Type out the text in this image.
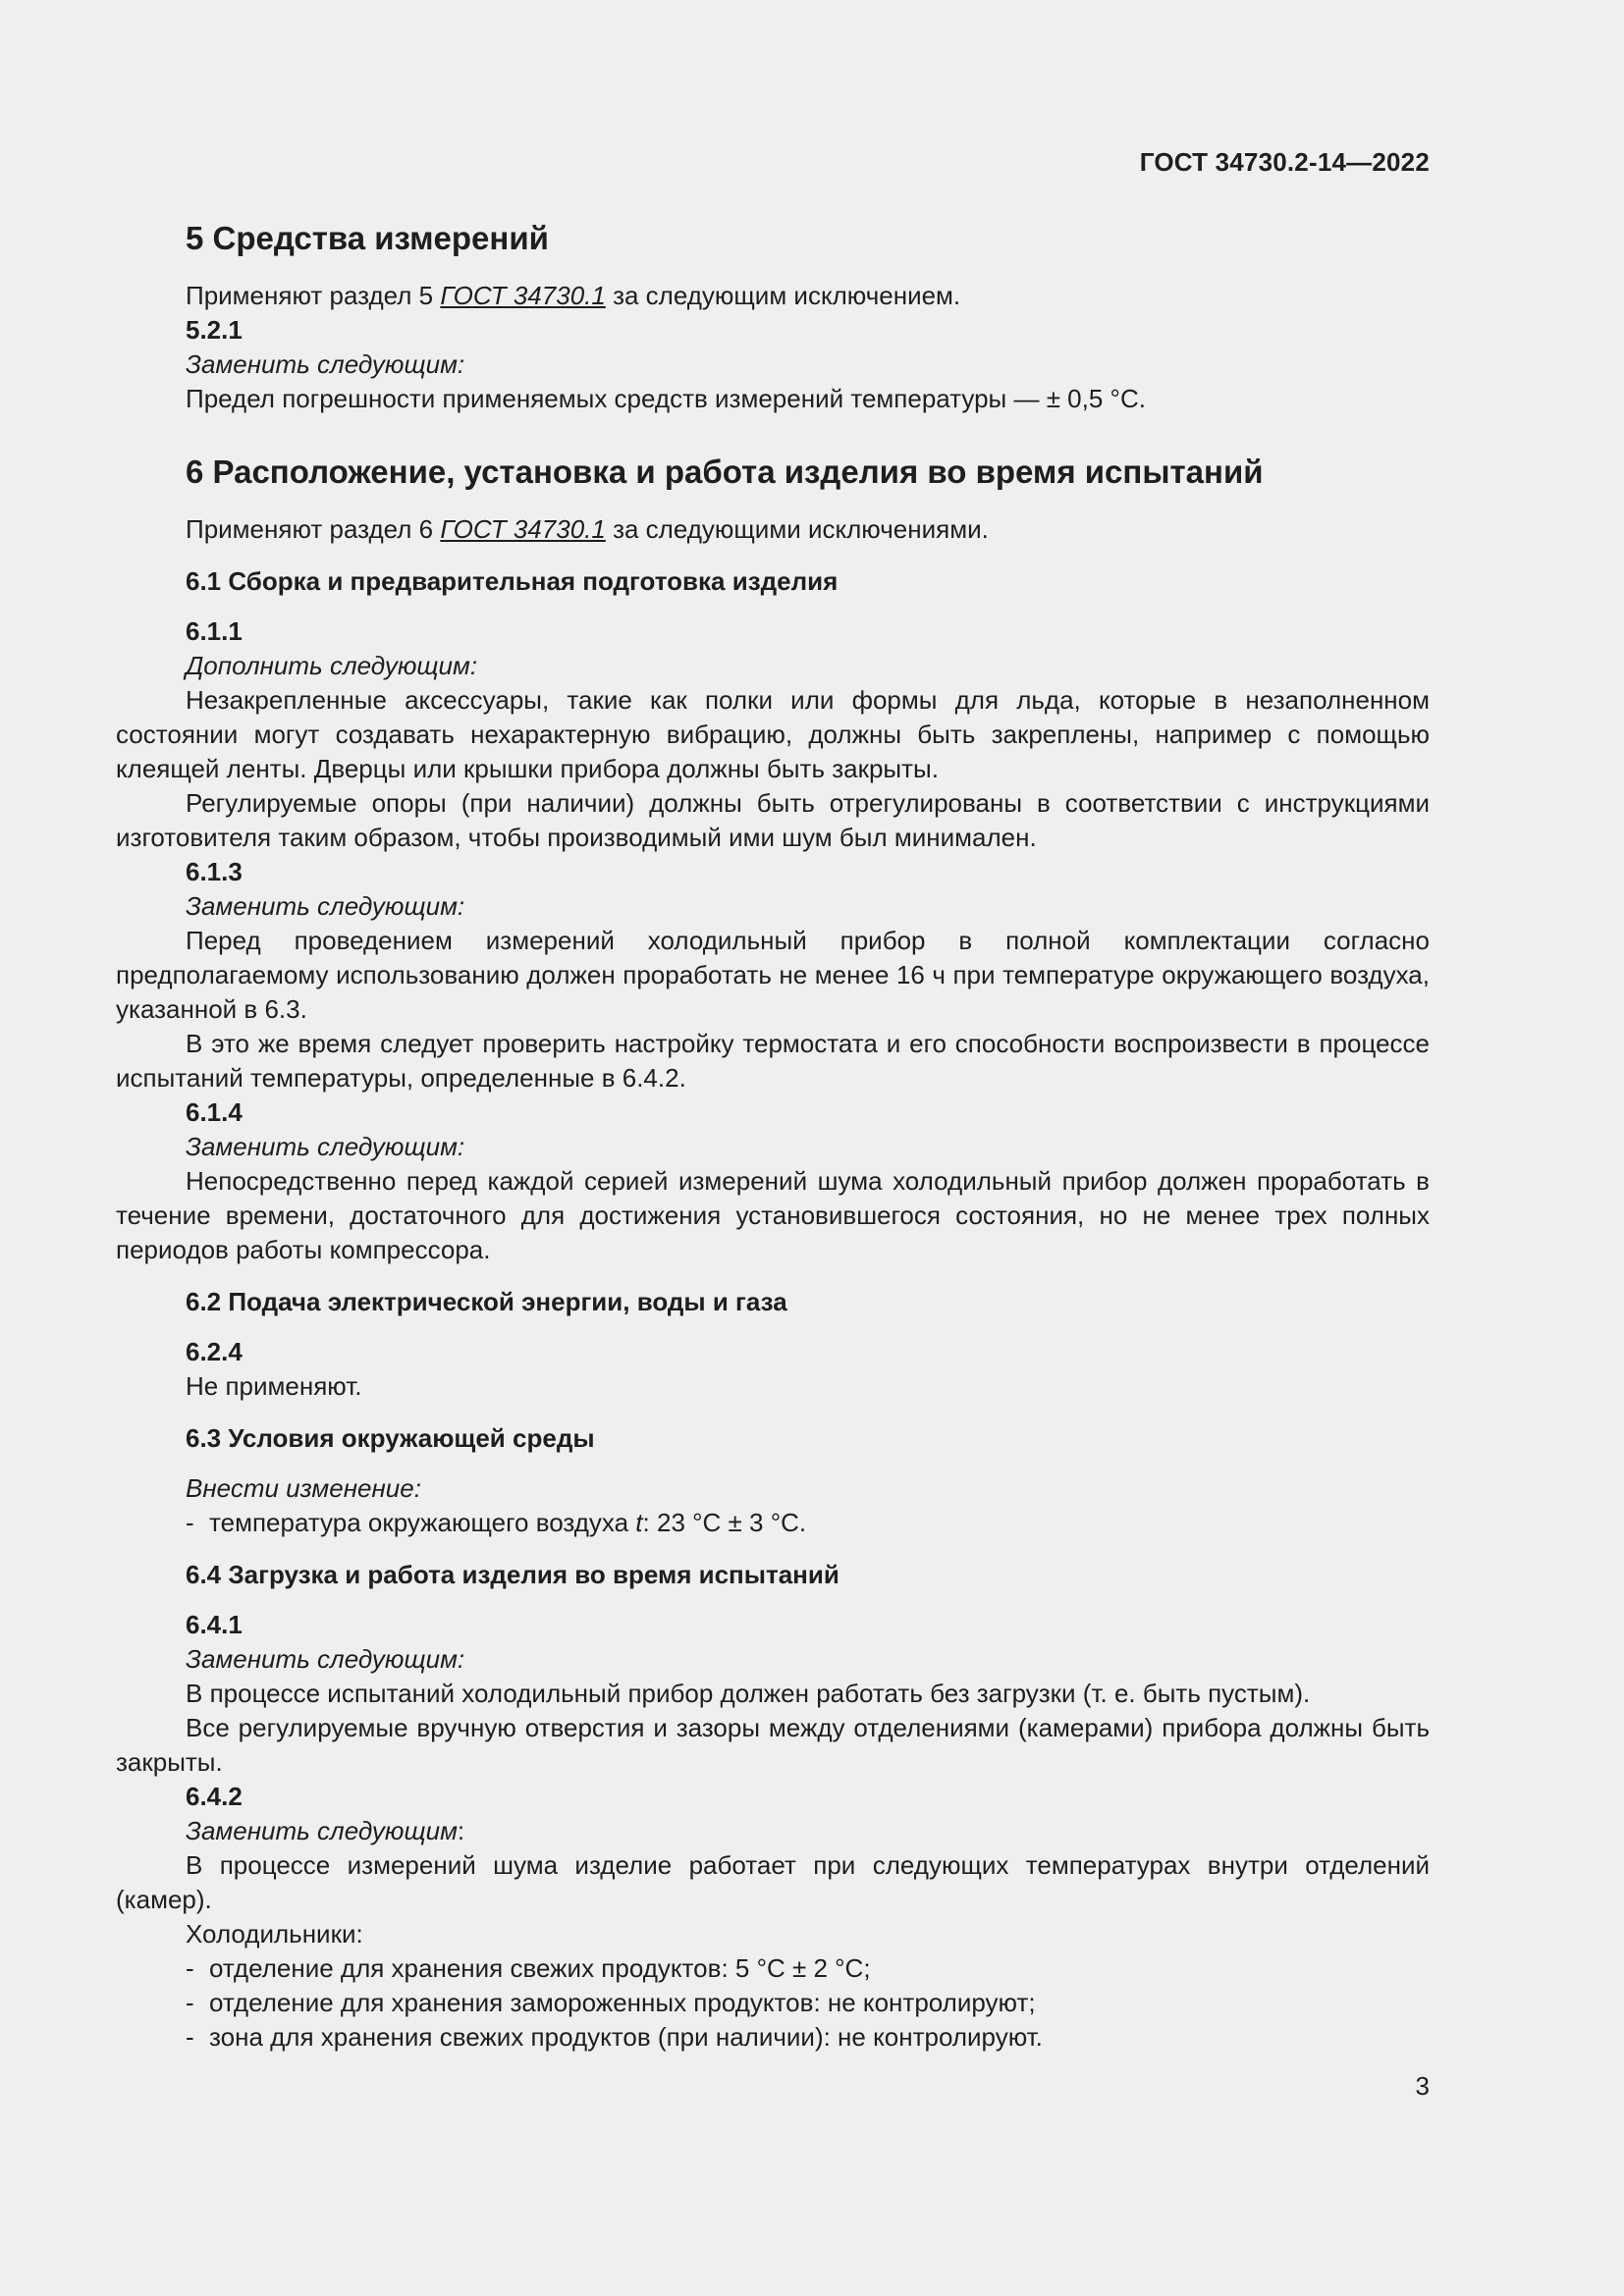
ГОСТ 34730.2-14—2022
5 Средства измерений
Применяют раздел 5 ГОСТ 34730.1 за следующим исключением.
5.2.1
Заменить следующим:
Предел погрешности применяемых средств измерений температуры — ± 0,5 °С.
6 Расположение, установка и работа изделия во время испытаний
Применяют раздел 6 ГОСТ 34730.1 за следующими исключениями.
6.1 Сборка и предварительная подготовка изделия
6.1.1
Дополнить следующим:
Незакрепленные аксессуары, такие как полки или формы для льда, которые в незаполненном состоянии могут создавать нехарактерную вибрацию, должны быть закреплены, например с помощью клеящей ленты. Дверцы или крышки прибора должны быть закрыты.
Регулируемые опоры (при наличии) должны быть отрегулированы в соответствии с инструкциями изготовителя таким образом, чтобы производимый ими шум был минимален.
6.1.3
Заменить следующим:
Перед проведением измерений холодильный прибор в полной комплектации согласно предполагаемому использованию должен проработать не менее 16 ч при температуре окружающего воздуха, указанной в 6.3.
В это же время следует проверить настройку термостата и его способности воспроизвести в процессе испытаний температуры, определенные в 6.4.2.
6.1.4
Заменить следующим:
Непосредственно перед каждой серией измерений шума холодильный прибор должен проработать в течение времени, достаточного для достижения установившегося состояния, но не менее трех полных периодов работы компрессора.
6.2 Подача электрической энергии, воды и газа
6.2.4
Не применяют.
6.3 Условия окружающей среды
Внести изменение:
- температура окружающего воздуха t: 23 °С ± 3 °С.
6.4 Загрузка и работа изделия во время испытаний
6.4.1
Заменить следующим:
В процессе испытаний холодильный прибор должен работать без загрузки (т. е. быть пустым).
Все регулируемые вручную отверстия и зазоры между отделениями (камерами) прибора должны быть закрыты.
6.4.2
Заменить следующим:
В процессе измерений шума изделие работает при следующих температурах внутри отделений (камер).
Холодильники:
- отделение для хранения свежих продуктов: 5 °С ± 2 °С;
- отделение для хранения замороженных продуктов: не контролируют;
- зона для хранения свежих продуктов (при наличии): не контролируют.
3
